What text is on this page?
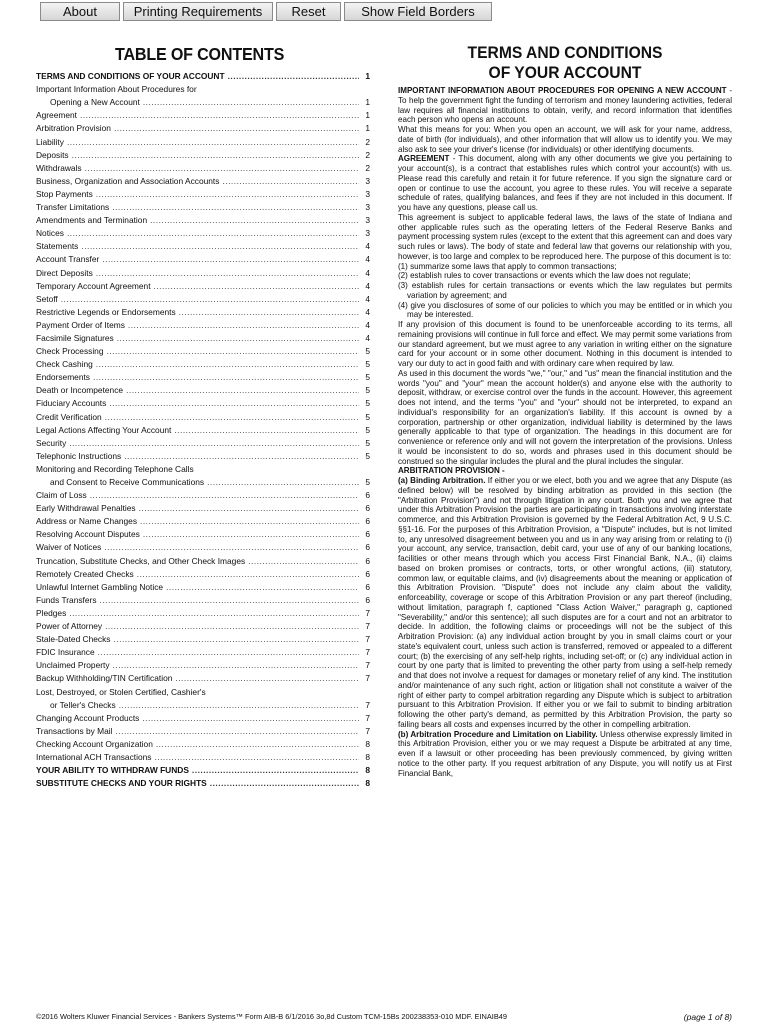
About	Printing Requirements	Reset	Show Field Borders
TABLE OF CONTENTS
TERMS AND CONDITIONS OF YOUR ACCOUNT .....	1
Important Information About Procedures for
Opening a New Account .....	1
Agreement .....	1
Arbitration Provision .....	1
Liability .....	2
Deposits .....	2
Withdrawals .....	2
Business, Organization and Association Accounts .....	3
Stop Payments .....	3
Transfer Limitations .....	3
Amendments and Termination .....	3
Notices .....	3
Statements .....	4
Account Transfer .....	4
Direct Deposits .....	4
Temporary Account Agreement .....	4
Setoff .....	4
Restrictive Legends or Endorsements .....	4
Payment Order of Items .....	4
Facsimile Signatures .....	4
Check Processing .....	5
Check Cashing .....	5
Endorsements .....	5
Death or Incompetence .....	5
Fiduciary Accounts .....	5
Credit Verification .....	5
Legal Actions Affecting Your Account .....	5
Security .....	5
Telephonic Instructions .....	5
Monitoring and Recording Telephone Calls
and Consent to Receive Communications .....	5
Claim of Loss .....	6
Early Withdrawal Penalties .....	6
Address or Name Changes .....	6
Resolving Account Disputes .....	6
Waiver of Notices .....	6
Truncation, Substitute Checks, and Other Check Images .....	6
Remotely Created Checks .....	6
Unlawful Internet Gambling Notice .....	6
Funds Transfers .....	6
Pledges .....	7
Power of Attorney .....	7
Stale-Dated Checks .....	7
FDIC Insurance .....	7
Unclaimed Property .....	7
Backup Withholding/TIN Certification .....	7
Lost, Destroyed, or Stolen Certified, Cashier's
or Teller's Checks .....	7
Changing Account Products .....	7
Transactions by Mail .....	7
Checking Account Organization .....	8
International ACH Transactions .....	8
YOUR ABILITY TO WITHDRAW FUNDS .....	8
SUBSTITUTE CHECKS AND YOUR RIGHTS .....	8
TERMS AND CONDITIONS
OF YOUR ACCOUNT

IMPORTANT INFORMATION ABOUT PROCEDURES FOR OPENING A NEW ACCOUNT - To help the government fight the funding of terrorism and money laundering activities, federal law requires all financial institutions to obtain, verify, and record information that identifies each person who opens an account.

What this means for you: When you open an account, we will ask for your name, address, date of birth (for individuals), and other information that will allow us to identify you. We may also ask to see your driver's license (for individuals) or other identifying documents.

AGREEMENT - This document, along with any other documents we give you pertaining to your account(s), is a contract that establishes rules which control your account(s) with us. Please read this carefully and retain it for future reference. If you sign the signature card or open or continue to use the account, you agree to these rules. You will receive a separate schedule of rates, qualifying balances, and fees if they are not included in this document. If you have any questions, please call us.

This agreement is subject to applicable federal laws, the laws of the state of Indiana and other applicable rules such as the operating letters of the Federal Reserve Banks and payment processing system rules (except to the extent that this agreement can and does vary such rules or laws). The body of state and federal law that governs our relationship with you, however, is too large and complex to be reproduced here. The purpose of this document is to:

(1) summarize some laws that apply to common transactions;

(2) establish rules to cover transactions or events which the law does not regulate;

(3) establish rules for certain transactions or events which the law regulates but permits variation by agreement; and

(4) give you disclosures of some of our policies to which you may be entitled or in which you may be interested.

If any provision of this document is found to be unenforceable according to its terms, all remaining provisions will continue in full force and effect. We may permit some variations from our standard agreement, but we must agree to any variation in writing either on the signature card for your account or in some other document. Nothing in this document is intended to vary our duty to act in good faith and with ordinary care when required by law.

As used in this document the words "we," "our," and "us" mean the financial institution and the words "you" and "your" mean the account holder(s) and anyone else with the authority to deposit, withdraw, or exercise control over the funds in the account. However, this agreement does not intend, and the terms "you" and "your" should not be interpreted, to expand an individual's responsibility for an organization's liability. If this account is owned by a corporation, partnership or other organization, individual liability is determined by the laws generally applicable to that type of organization. The headings in this document are for convenience or reference only and will not govern the interpretation of the provisions. Unless it would be inconsistent to do so, words and phrases used in this document should be construed so the singular includes the plural and the plural includes the singular.

ARBITRATION PROVISION -

(a) Binding Arbitration. If either you or we elect, both you and we agree that any Dispute (as defined below) will be resolved by binding arbitration as provided in this section (the "Arbitration Provision") and not through litigation in any court. Both you and we agree that under this Arbitration Provision the parties are participating in transactions involving interstate commerce, and this Arbitration Provision is governed by the Federal Arbitration Act, 9 U.S.C. §§1-16. For the purposes of this Arbitration Provision, a "Dispute" includes, but is not limited to, any unresolved disagreement between you and us in any way arising from or relating to (i) your account, any service, transaction, debit card, your use of any of our banking locations, facilities or other means through which you access First Financial Bank, N.A., (ii) claims based on broken promises or contracts, torts, or other wrongful actions, (iii) statutory, common law, or equitable claims, and (iv) disagreements about the meaning or application of this Arbitration Provision. "Dispute" does not include any claim about the validity, enforceability, coverage or scope of this Arbitration Provision or any part thereof (including, without limitation, paragraph f, captioned "Class Action Waiver," paragraph g, captioned "Severability," and/or this sentence); all such disputes are for a court and not an arbitrator to decide. In addition, the following claims or proceedings will not be the subject of this Arbitration Provision: (a) any individual action brought by you in small claims court or your state's equivalent court, unless such action is transferred, removed or appealed to a different court; (b) the exercising of any self-help rights, including set-off; or (c) any individual action in court by one party that is limited to preventing the other party from using a self-help remedy and that does not involve a request for damages or monetary relief of any kind. The institution and/or maintenance of any such right, action or litigation shall not constitute a waiver of the right of either party to compel arbitration regarding any Dispute which is subject to arbitration pursuant to this Arbitration Provision. If either you or we fail to submit to binding arbitration following the other party's demand, as permitted by this Arbitration Provision, the party so failing bears all costs and expenses incurred by the other in compelling arbitration.

(b) Arbitration Procedure and Limitation on Liability. Unless otherwise expressly limited in this Arbitration Provision, either you or we may request a Dispute be arbitrated at any time, even if a lawsuit or other proceeding has been previously commenced, by giving written notice to the other party. If you request arbitration of any Dispute, you will notify us at First Financial Bank,

©2016 Wolters Kluwer Financial Services - Bankers Systems™ Form AIB-B 6/1/2016 3o,8d Custom TCM-15Bs 200238353-010 MDF. EINAIB49	(page 1 of 8)
